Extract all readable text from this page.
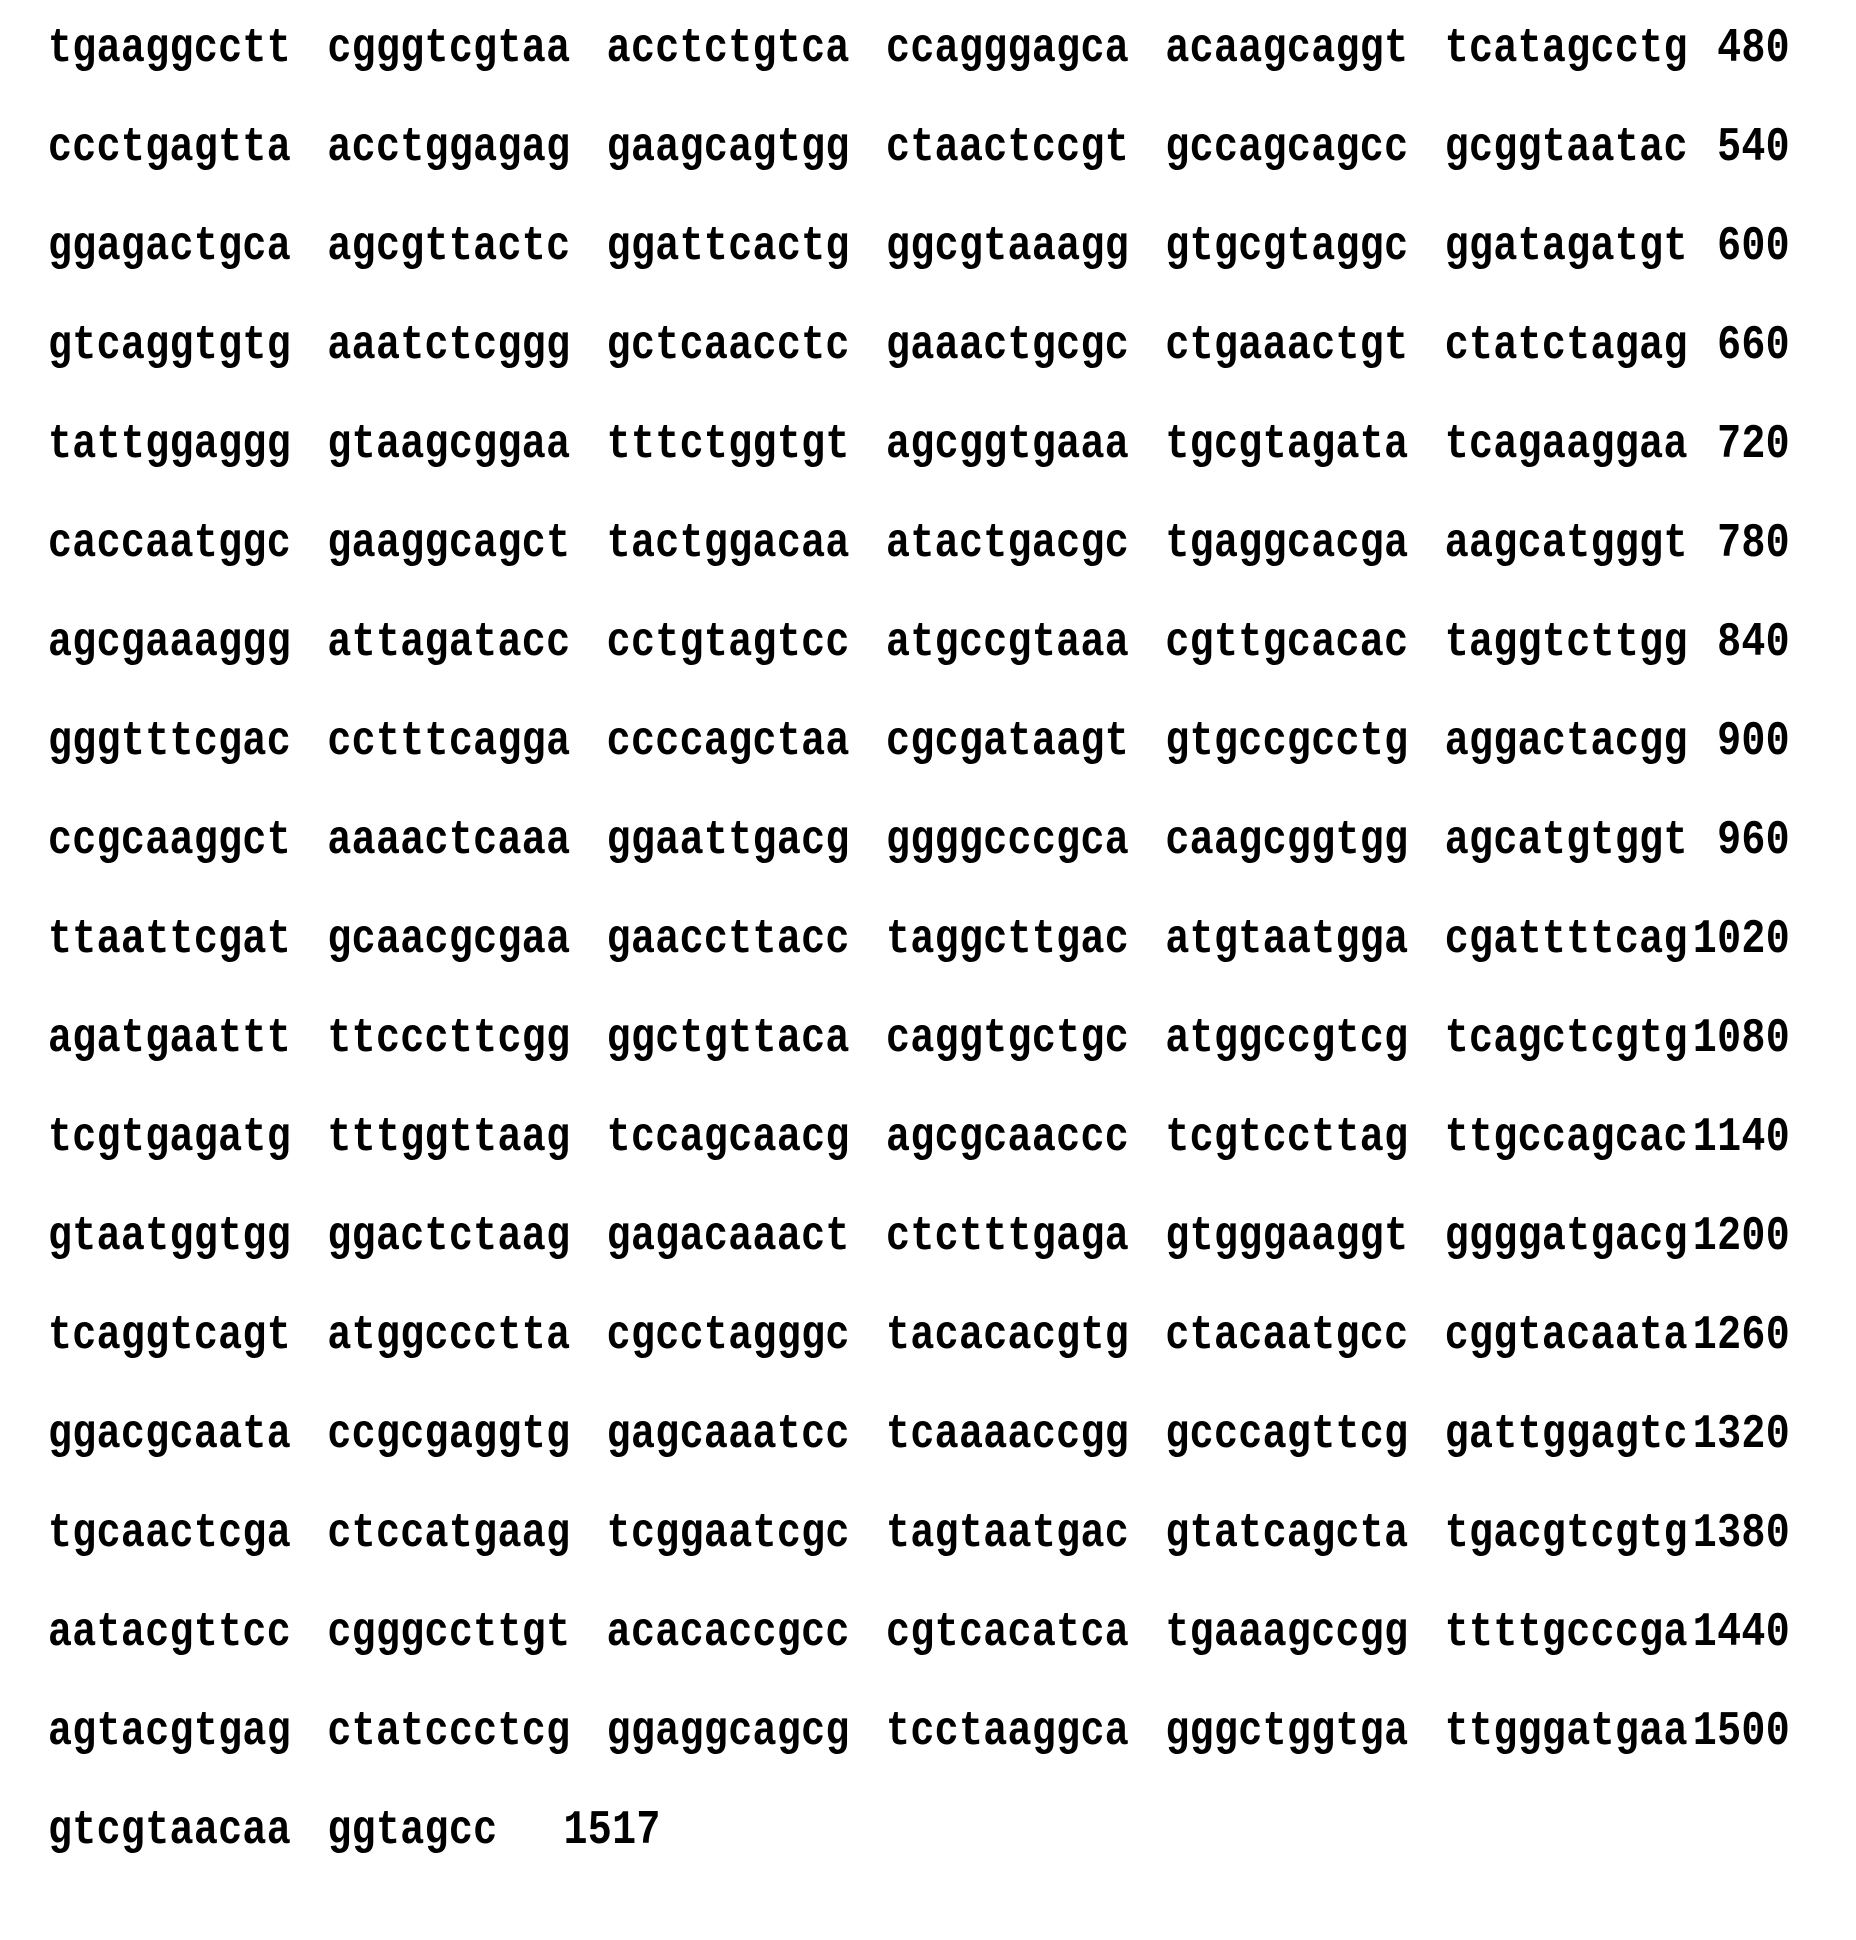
tgaaggcctt cgggtcgtaa acctctgtca ccagggagca acaagcaggt tcatagcctg 480
ccctgagtta acctggagag gaagcagtgg ctaactccgt gccagcagcc gcggtaatac 540
ggagactgca agcgttactc ggattcactg ggcgtaaagg gtgcgtaggc ggatagatgt 600
gtcaggtgtg aaatctcggg gctcaacctc gaaactgcgc ctgaaactgt ctatctagag 660
tattggaggg gtaagcggaa tttctggtgt agcggtgaaa tgcgtagata tcagaaggaa 720
caccaatggc gaaggcagct tactggacaa atactgacgc tgaggcacga aagcatgggt 780
agcgaaaggg attagatacc cctgtagtcc atgccgtaaa cgttgcacac taggtcttgg 840
gggtttcgac cctttcagga ccccagctaa cgcgataagt gtgccgcctg aggactacgg 900
ccgcaaggct aaaactcaaa ggaattgacg ggggcccgca caagcggtgg agcatgtggt 960
ttaattcgat gcaacgcgaa gaaccttacc taggcttgac atgtaatgga cgattttcag 1020
agatgaattt ttcccttcgg ggctgttaca caggtgctgc atggccgtcg tcagctcgtg 1080
tcgtgagatg tttggttaag tccagcaacg agcgcaaccc tcgtccttag ttgccagcac 1140
gtaatggtgg ggactctaag gagacaaact ctctttgaga gtgggaaggt ggggatgacg 1200
tcaggtcagt atggccctta cgcctagggc tacacacgtg ctacaatgcc cggtacaata 1260
ggacgcaata ccgcgaggtg gagcaaatcc tcaaaaccgg gcccagttcg gattggagtc 1320
tgcaactcga ctccatgaag tcggaatcgc tagtaatgac gtatcagcta tgacgtcgtg 1380
aatacgttcc cgggccttgt acacaccgcc cgtcacatca tgaaagccgg ttttgcccga 1440
agtacgtgag ctatccctcg ggaggcagcg tcctaaggca gggctggtga ttgggatgaa 1500
gtcgtaacaa ggtagcc 1517
